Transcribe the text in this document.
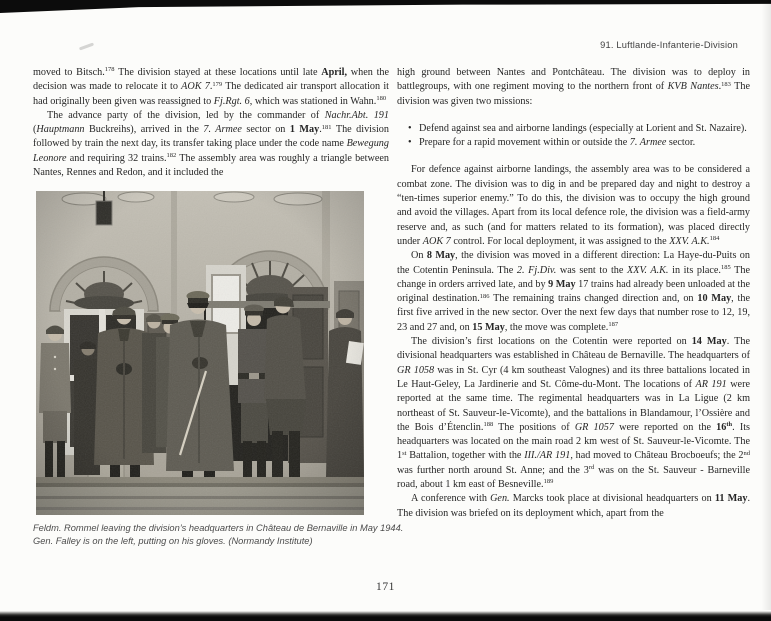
91. Luftlande-Infanterie-Division

moved to Bitsch.$^{178}$ The division stayed at these locations until late April, when the decision was made to relocate it to AOK 7.$^{179}$ The dedicated air transport allocation it had originally been given was reassigned to Fj.Rgt. 6, which was stationed in Wahn.$^{180}$

The advance party of the division, led by the commander of Nachr.Abt. 191 (Hauptmann Buckreihs), arrived in the 7. Armee sector on 1 May.$^{181}$ The division followed by train the next day, its transfer taking place under the code name Bewegung Leonore and requiring 32 trains.$^{182}$ The assembly area was roughly a triangle between Nantes, Rennes and Redon, and it included the

Feldm. Rommel leaving the division’s headquarters in Château de Bernaville in May 1944.
Gen. Falley is on the left, putting on his gloves. (Normandy Institute)

high ground between Nantes and Pontchâteau. The division was to deploy in battlegroups, with one regiment moving to the northern front of KVB Nantes.$^{183}$ The division was given two missions:

• Defend against sea and airborne landings (especially at Lorient and St. Nazaire).
• Prepare for a rapid movement within or outside the 7. Armee sector.

For defence against airborne landings, the assembly area was to be considered a combat zone. The division was to dig in and be prepared day and night to destroy a “ten-times superior enemy.” To do this, the division was to occupy the high ground and avoid the villages. Apart from its local defence role, the division was a field-army reserve and, as such (and for matters related to its formation), was placed directly under AOK 7 control. For local deployment, it was assigned to the XXV. A.K.$^{184}$

On 8 May, the division was moved in a different direction: La Haye-du-Puits on the Cotentin Peninsula. The 2. Fj.Div. was sent to the XXV. A.K. in its place.$^{185}$ The change in orders arrived late, and by 9 May 17 trains had already been unloaded at the original destination.$^{186}$ The remaining trains changed direction and, on 10 May, the first five arrived in the new sector. Over the next few days that number rose to 12, 19, 23 and 27 and, on 15 May, the move was complete.$^{187}$

The division’s first locations on the Cotentin were reported on 14 May. The divisional headquarters was established in Château de Bernaville. The headquarters of GR 1058 was in St. Cyr (4 km southeast Valognes) and its three battalions located in Le Haut-Geley, La Jardinerie and St. Côme-du-Mont. The locations of AR 191 were reported at the same time. The regimental headquarters was in La Ligue (2 km northeast of St. Sauveur-le-Vicomte), and the battalions in Blandamour, l’Ossière and the Bois d’Étenclin.$^{188}$ The positions of GR 1057 were reported on the 16th. Its headquarters was located on the main road 2 km west of St. Sauveur-le-Vicomte. The 1st Battalion, together with the III./AR 191, had moved to Château Brocboeufs; the 2nd was further north around St. Anne; and the 3rd was on the St. Sauveur - Barneville road, about 1 km east of Besneville.$^{189}$

A conference with Gen. Marcks took place at divisional headquarters on 11 May. The division was briefed on its deployment which, apart from the

171
